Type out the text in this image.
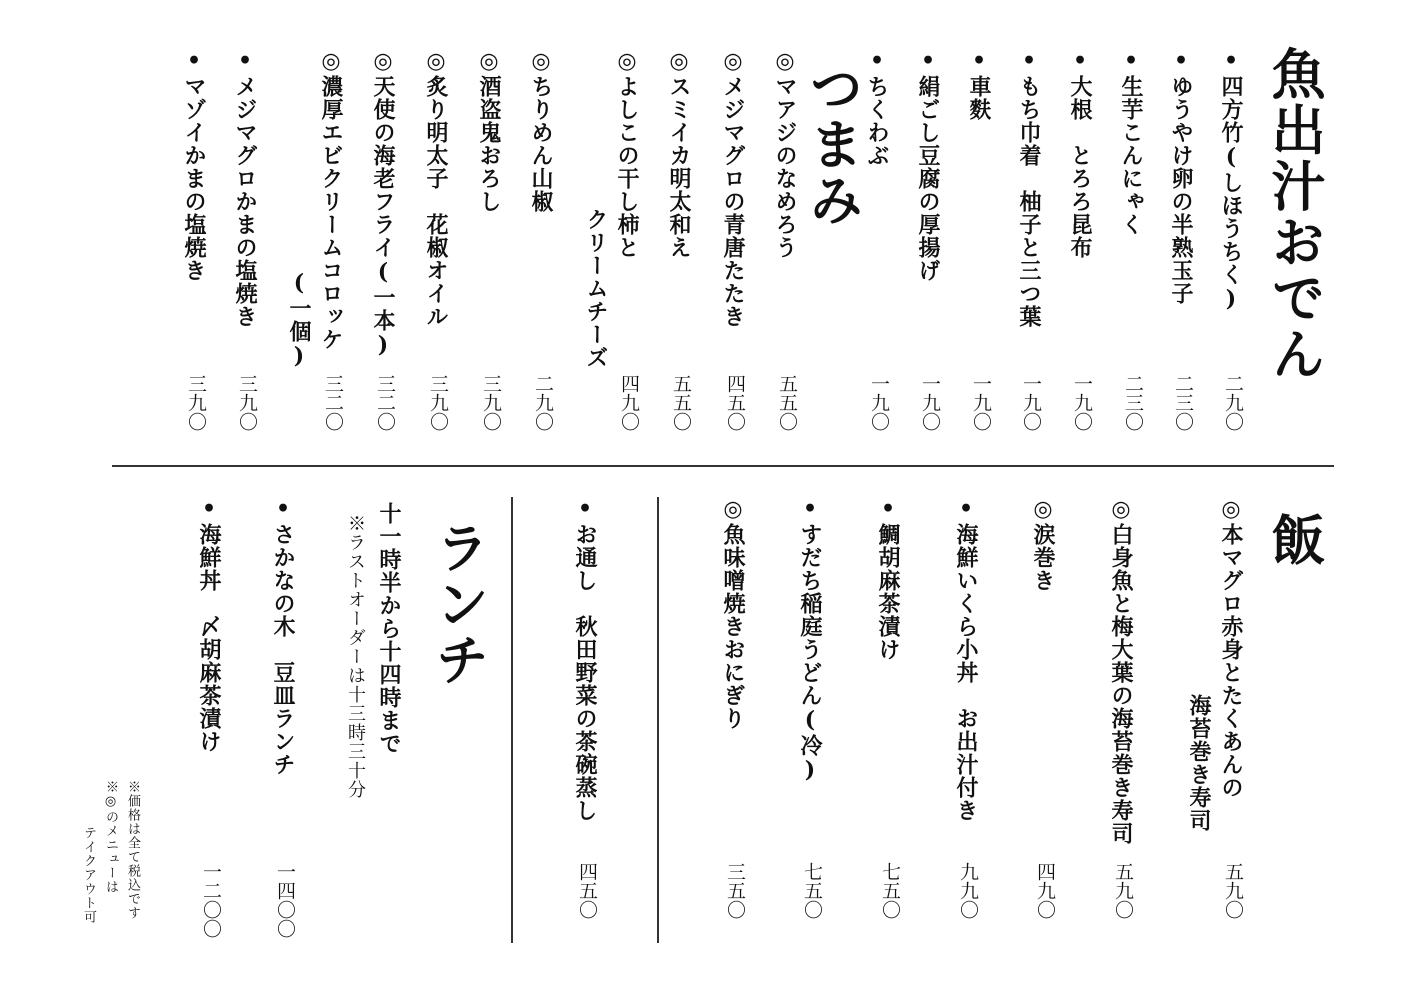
魚出汁おでん
•四方竹(しほうちく)
二九〇
•ゆうやけ卵の半熟玉子
二三〇
•生芋こんにゃく
二三〇
•大根　とろろ昆布
一九〇
•もち巾着　柚子と三つ葉
一九〇
•車麩
一九〇
•絹ごし豆腐の厚揚げ
一九〇
•ちくわぶ
一九〇
つまみ
◎マアジのなめろう
五五〇
◎メジマグロの青唐たたき
四五〇
◎スミイカ明太和え
五五〇
◎よしこの干し柿と
クリームチーズ
四九〇
◎ちりめん山椒
二九〇
◎酒盗鬼おろし
三九〇
◎炙り明太子　花椒オイル
三九〇
◎天使の海老フライ(一本)
三二〇
◎濃厚エビクリームコロッケ
(一個)
三二〇
•メジマグロかまの塩焼き
三九〇
•マゾイかまの塩焼き
三九〇
飯
◎本マグロ赤身とたくあんの
海苔巻き寿司
五九〇
◎白身魚と梅大葉の海苔巻き寿司
五九〇
◎涙巻き
四九〇
•海鮮いくら小丼　お出汁付き
九九〇
•鯛胡麻茶漬け
七五〇
•すだち稲庭うどん(冷)
七五〇
◎魚味噌焼きおにぎり
三五〇
•お通し　秋田野菜の茶碗蒸し
四五〇
ランチ
十一時半から十四時まで
※ラストオーダーは十三時三十分
•さかなの木　豆皿ランチ
一四〇〇
•海鮮丼　〆胡麻茶漬け
一二〇〇
※価格は全て税込です
※◎のメニューは
テイクアウト可
